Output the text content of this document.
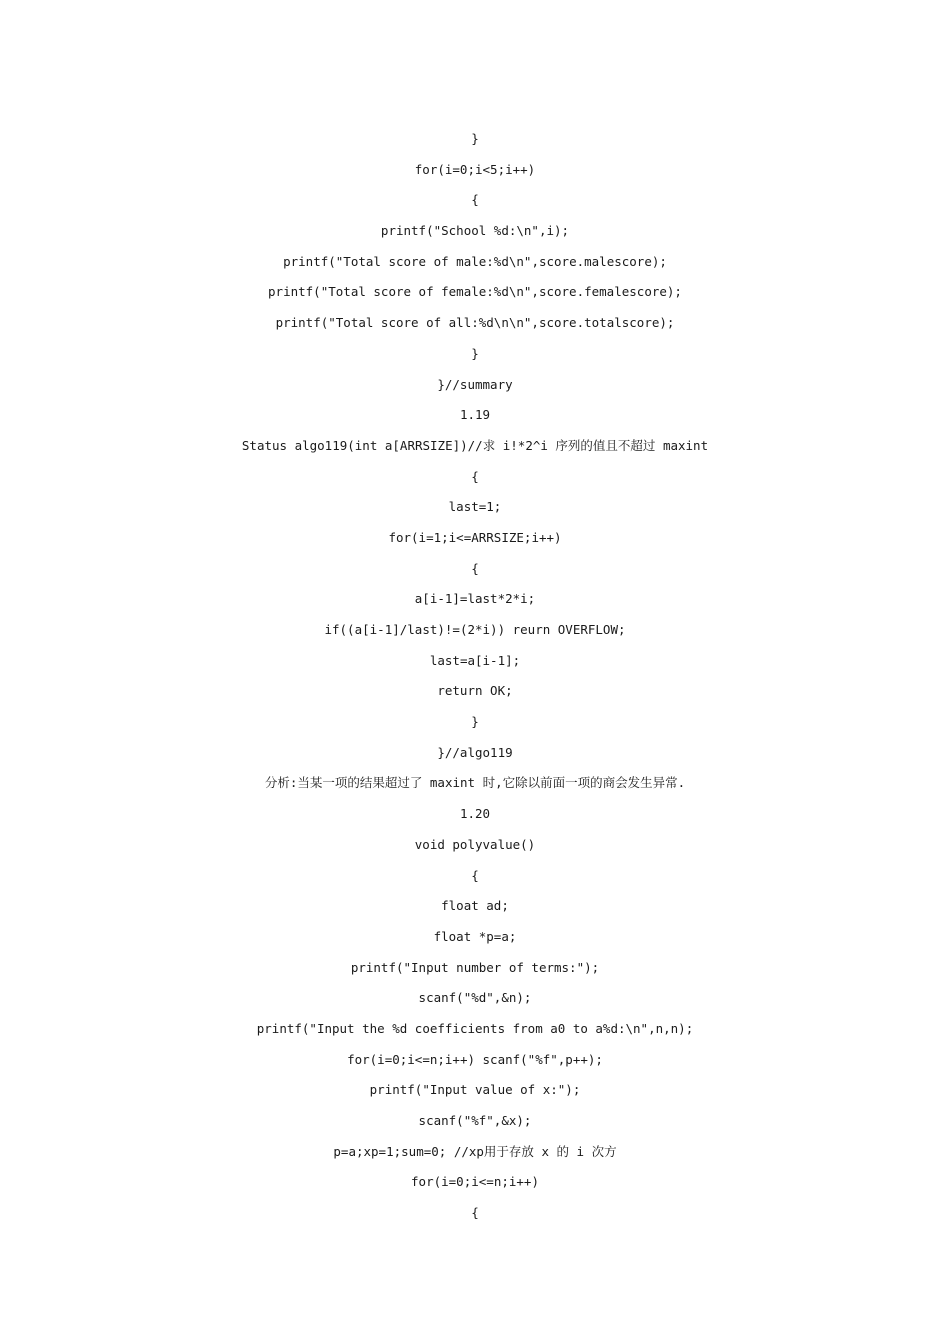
}
for(i=0;i<5;i++)
{
printf("School %d:\n",i);
printf("Total score of male:%d\n",score.malescore);
printf("Total score of female:%d\n",score.femalescore);
printf("Total score of all:%d\n\n",score.totalscore);
}
}//summary
1.19
Status algo119(int a[ARRSIZE])//求 i!*2^i 序列的值且不超过 maxint
{
last=1;
for(i=1;i<=ARRSIZE;i++)
{
a[i-1]=last*2*i;
if((a[i-1]/last)!=(2*i)) reurn OVERFLOW;
last=a[i-1];
return OK;
}
}//algo119
分析:当某一项的结果超过了 maxint 时,它除以前面一项的商会发生异常.
1.20
void polyvalue()
{
float ad;
float *p=a;
printf("Input number of terms:");
scanf("%d",&n);
printf("Input the %d coefficients from a0 to a%d:\n",n,n);
for(i=0;i<=n;i++) scanf("%f",p++);
printf("Input value of x:");
scanf("%f",&x);
p=a;xp=1;sum=0; //xp用于存放 x 的 i 次方
for(i=0;i<=n;i++)
{
